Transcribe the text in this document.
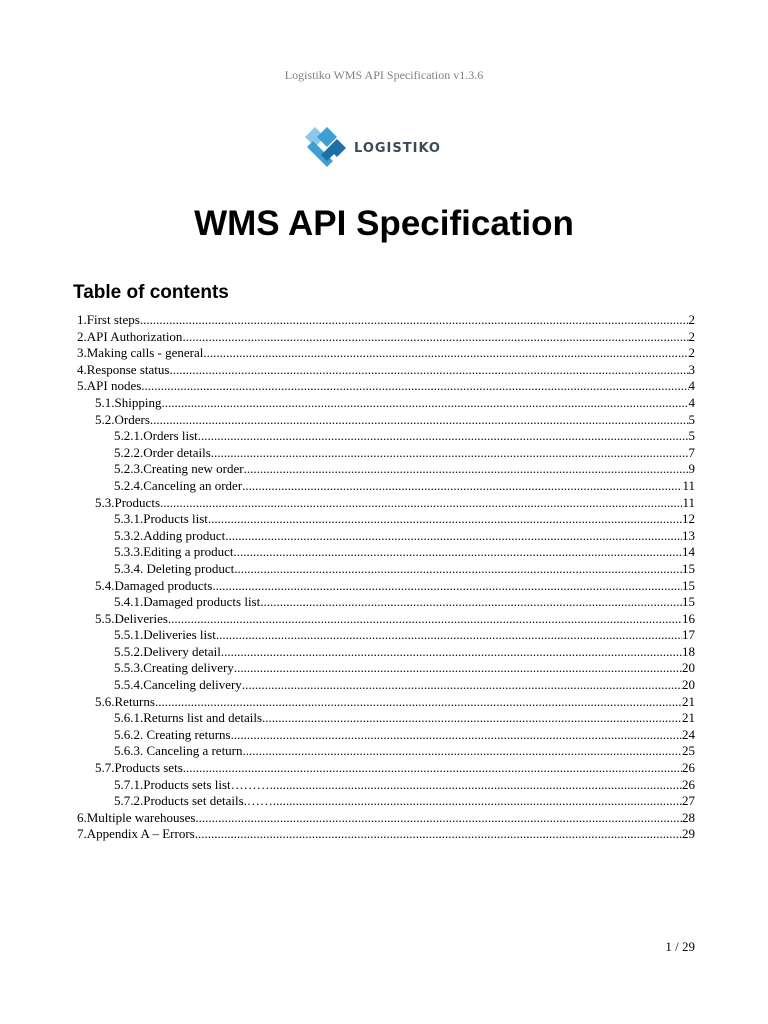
Logistiko WMS API Specification v1.3.6
LOGISTIKO
WMS API Specification
Table of contents
1.First steps .....	2
2.API Authorization .....	2
3.Making calls - general .....	2
4.Response status .....	3
5.API nodes .....	4
5.1.Shipping .....	4
5.2.Orders .....	5
5.2.1.Orders list .....	5
5.2.2.Order details .....	7
5.2.3.Creating new order .....	9
5.2.4.Canceling an order .....	11
5.3.Products .....	11
5.3.1.Products list .....	12
5.3.2.Adding product .....	13
5.3.3.Editing a product .....	14
5.3.4. Deleting product .....	15
5.4.Damaged products .....	15
5.4.1.Damaged products list .....	15
5.5.Deliveries .....	16
5.5.1.Deliveries list .....	17
5.5.2.Delivery detail .....	18
5.5.3.Creating delivery .....	20
5.5.4.Canceling delivery .....	20
5.6.Returns .....	21
5.6.1.Returns list and details .....	21
5.6.2. Creating returns .....	24
5.6.3. Canceling a return .....	25
5.7.Products sets .....	26
5.7.1.Products sets list……… .....	26
5.7.2.Products set details.…… .....	27
6.Multiple warehouses .....	28
7.Appendix A – Errors .....	29
1 / 29
